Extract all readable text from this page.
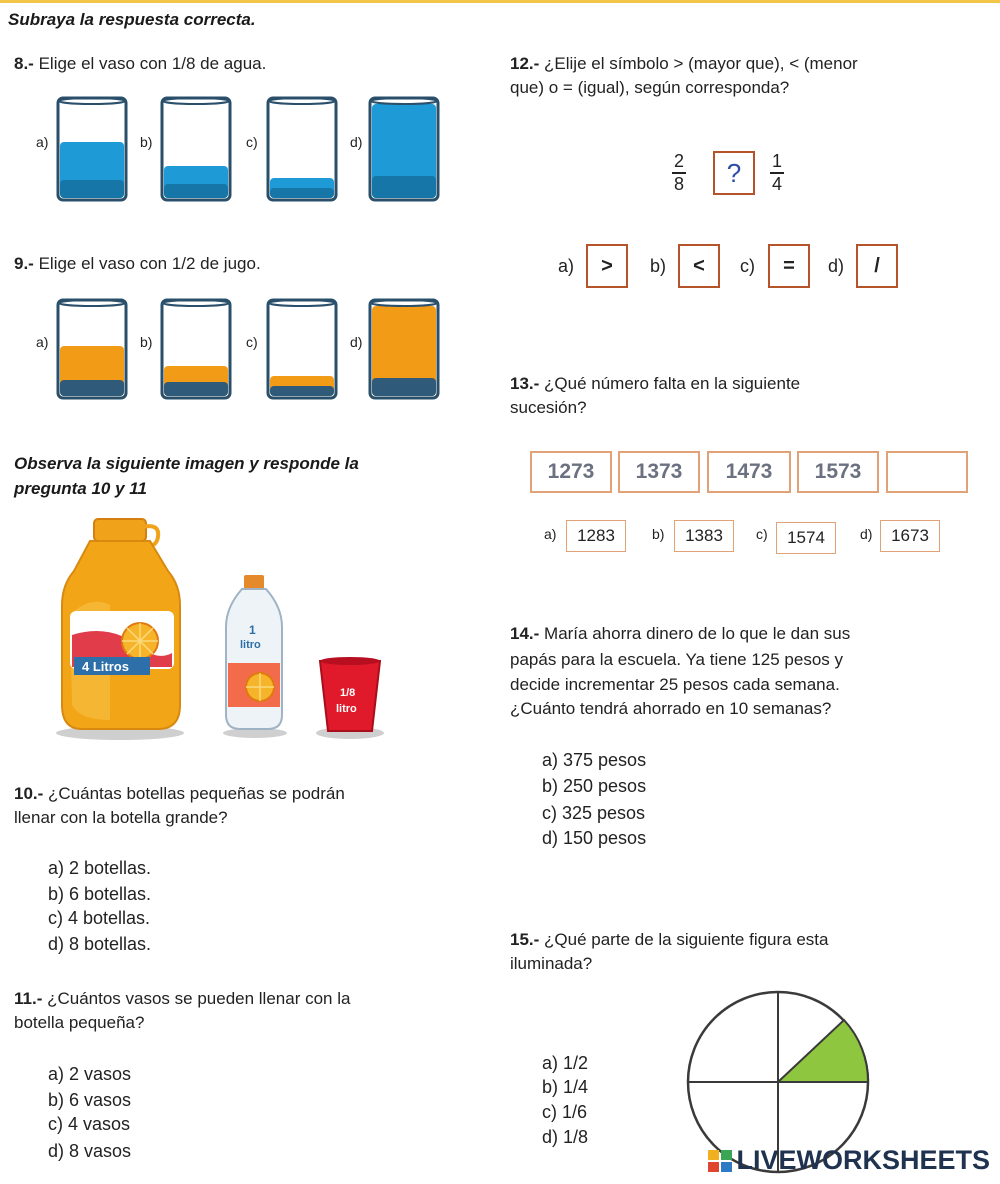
Subraya la respuesta correcta.
8.- Elige el vaso con 1/8 de agua.
a)	b)	c)	d)
9.- Elige el vaso con 1/2 de jugo.
a)	b)	c)	d)
Observa la siguiente imagen y responde la
pregunta 10 y 11
4 Litros
1
litro
1/8
litro
10.- ¿Cuántas botellas pequeñas se podrán
llenar con la botella grande?
a) 2 botellas.
b) 6 botellas.
c) 4 botellas.
d) 8 botellas.
11.- ¿Cuántos vasos se pueden llenar con la
botella pequeña?
a) 2 vasos
b) 6 vasos
c) 4 vasos
d) 8 vasos
12.- ¿Elije el símbolo > (mayor que), < (menor
que) o = (igual), según corresponda?
2
8	?	1
4
a)	>	b)	<	c)	=	d)	/
13.- ¿Qué número falta en la siguiente
sucesión?
1273	1373	1473	1573
a)	1283	b)	1383	c)	1574	d)	1673
14.- María ahorra dinero de lo que le dan sus
papás para la escuela. Ya tiene 125 pesos y
decide incrementar 25 pesos cada semana.
¿Cuánto tendrá ahorrado en 10 semanas?
a) 375 pesos
b) 250 pesos
c) 325 pesos
d) 150 pesos
15.- ¿Qué parte de la siguiente figura esta
iluminada?
a) 1/2
b) 1/4
c) 1/6
d) 1/8
LIVEWORKSHEETS
